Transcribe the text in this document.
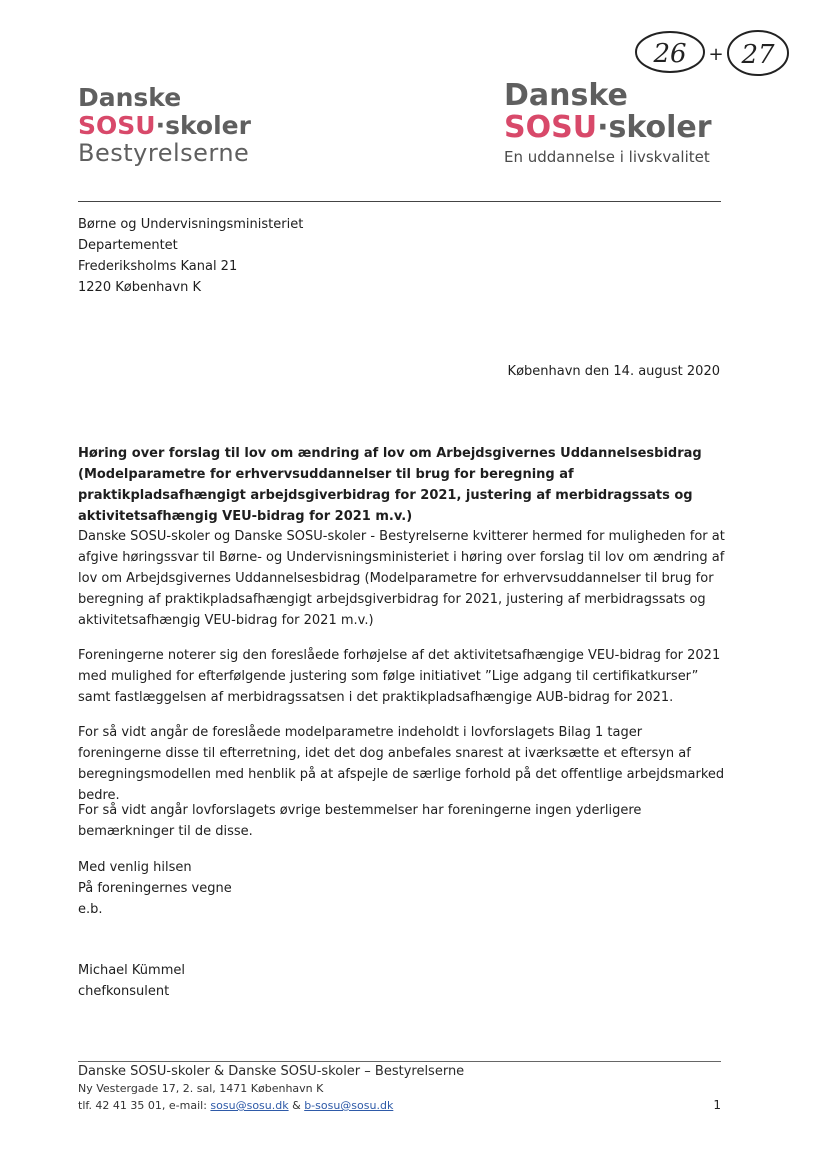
26 + 27
Danske
SOSU·skoler
Bestyrelserne
Danske
SOSU·skoler
En uddannelse i livskvalitet
Børne og Undervisningsministeriet
Departementet
Frederiksholms Kanal 21
1220 København K
København den 14. august 2020
Høring over forslag til lov om ændring af lov om Arbejdsgivernes Uddannelsesbidrag (Modelparametre for erhvervsuddannelser til brug for beregning af praktikpladsafhængigt arbejdsgiverbidrag for 2021, justering af merbidragssats og aktivitetsafhængig VEU-bidrag for 2021 m.v.)
Danske SOSU-skoler og Danske SOSU-skoler - Bestyrelserne kvitterer hermed for muligheden for at afgive høringssvar til Børne- og Undervisningsministeriet i høring over forslag til lov om ændring af lov om Arbejdsgivernes Uddannelsesbidrag (Modelparametre for erhvervsuddannelser til brug for beregning af praktikpladsafhængigt arbejdsgiverbidrag for 2021, justering af merbidragssats og aktivitetsafhængig VEU-bidrag for 2021 m.v.)
Foreningerne noterer sig den foreslåede forhøjelse af det aktivitetsafhængige VEU-bidrag for 2021 med mulighed for efterfølgende justering som følge initiativet ”Lige adgang til certifikatkurser” samt fastlæggelsen af merbidragssatsen i det praktikpladsafhængige AUB-bidrag for 2021.
For så vidt angår de foreslåede modelparametre indeholdt i lovforslagets Bilag 1 tager foreningerne disse til efterretning, idet det dog anbefales snarest at iværksætte et eftersyn af beregningsmodellen med henblik på at afspejle de særlige forhold på det offentlige arbejdsmarked bedre.
For så vidt angår lovforslagets øvrige bestemmelser har foreningerne ingen yderligere bemærkninger til de disse.
Med venlig hilsen
På foreningernes vegne
e.b.
Michael Kümmel
chefkonsulent
Danske SOSU-skoler & Danske SOSU-skoler – Bestyrelserne
Ny Vestergade 17, 2. sal, 1471 København K
tlf. 42 41 35 01, e-mail: sosu@sosu.dk & b-sosu@sosu.dk	1
